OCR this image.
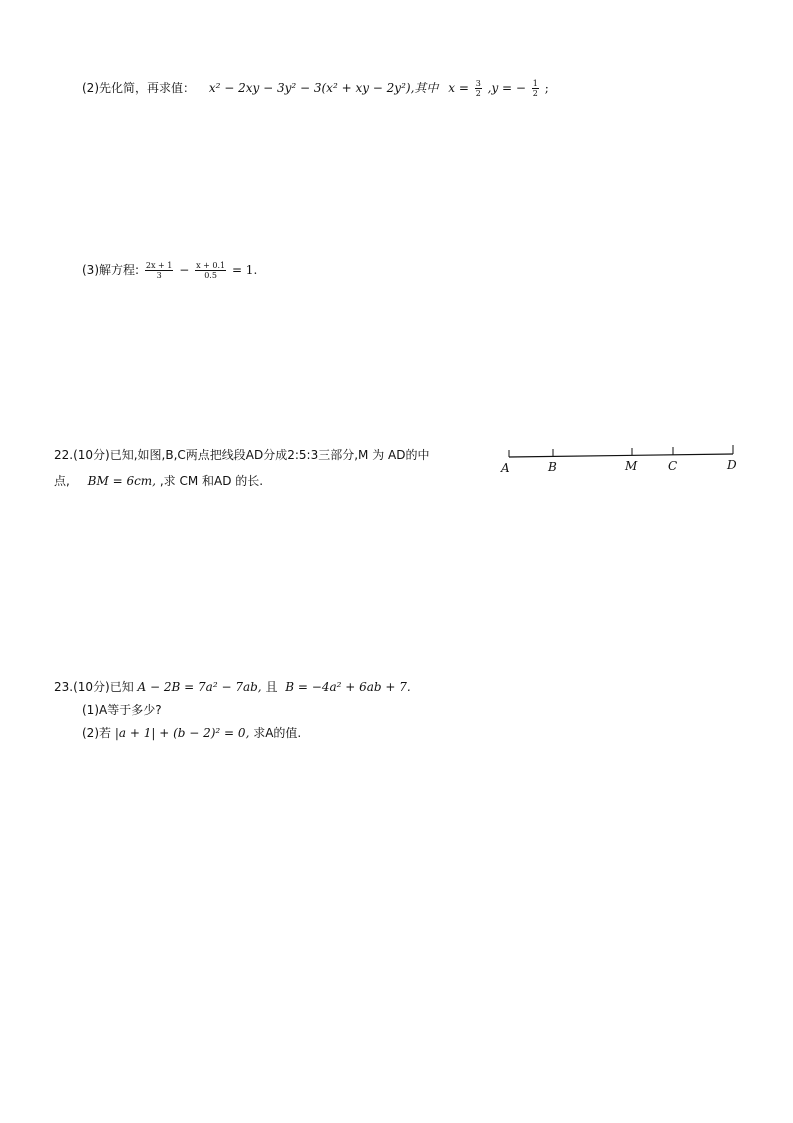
(2)先化简，再求值： x² − 2xy − 3y² − 3(x² + xy − 2y²),其中 $x = \frac{3}{2} ,y$ = − $\frac{1}{2}$ ;
(3)解方程: $\frac{2x + 1}{3} - \frac{x + 0.1}{0.5} = 1$.
22.(10分)已知,如图,B,C两点把线段AD分成2:5:3三部分,M 为 AD的中
点, BM = 6cm, ,求 CM 和AD 的长.
A	B	M	C	D
23.(10分)已知 A − 2B = 7a² − 7ab, 且 B = −4a² + 6ab + 7.
(1)A等于多少?
(2)若 |a + 1| + (b − 2)² = 0, 求A的值.
